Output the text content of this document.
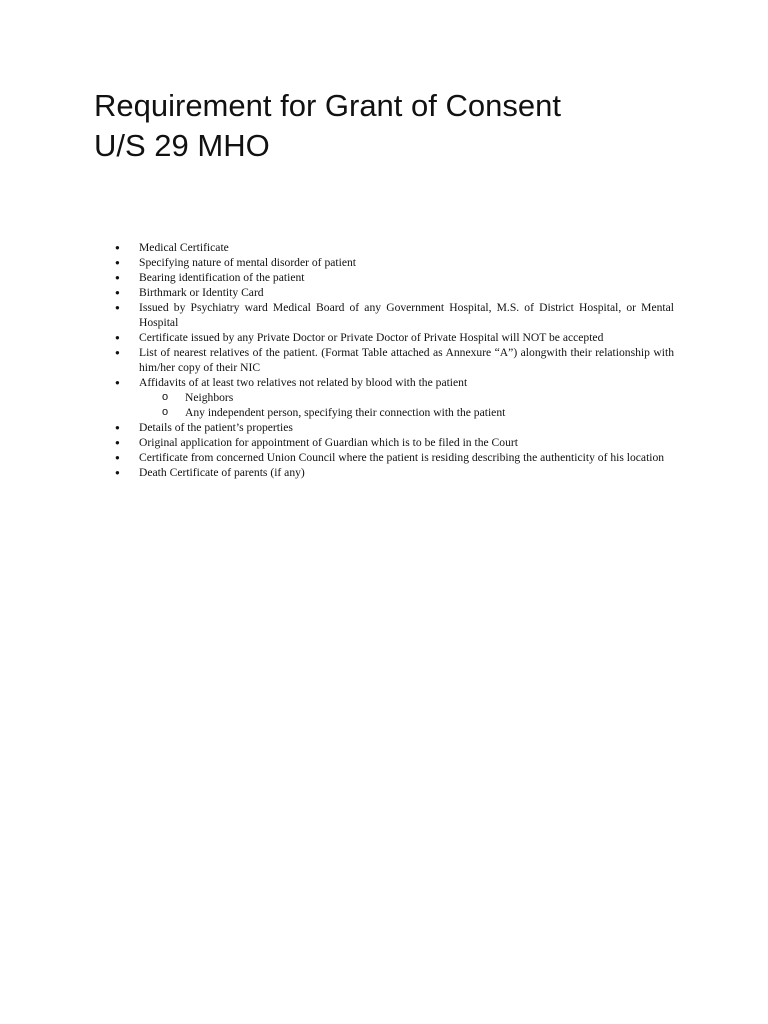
Requirement for Grant of Consent
U/S 29 MHO
● Medical Certificate
● Specifying nature of mental disorder of patient
● Bearing identification of the patient
● Birthmark or Identity Card
● Issued by Psychiatry ward Medical Board of any Government Hospital, M.S. of District Hospital, or Mental Hospital
● Certificate issued by any Private Doctor or Private Doctor of Private Hospital will NOT be accepted
● List of nearest relatives of the patient. (Format Table attached as Annexure “A”) alongwith their relationship with him/her copy of their NIC
● Affidavits of at least two relatives not related by blood with the patient
o Neighbors
o Any independent person, specifying their connection with the patient
● Details of the patient’s properties
● Original application for appointment of Guardian which is to be filed in the Court
● Certificate from concerned Union Council where the patient is residing describing the authenticity of his location
● Death Certificate of parents (if any)
